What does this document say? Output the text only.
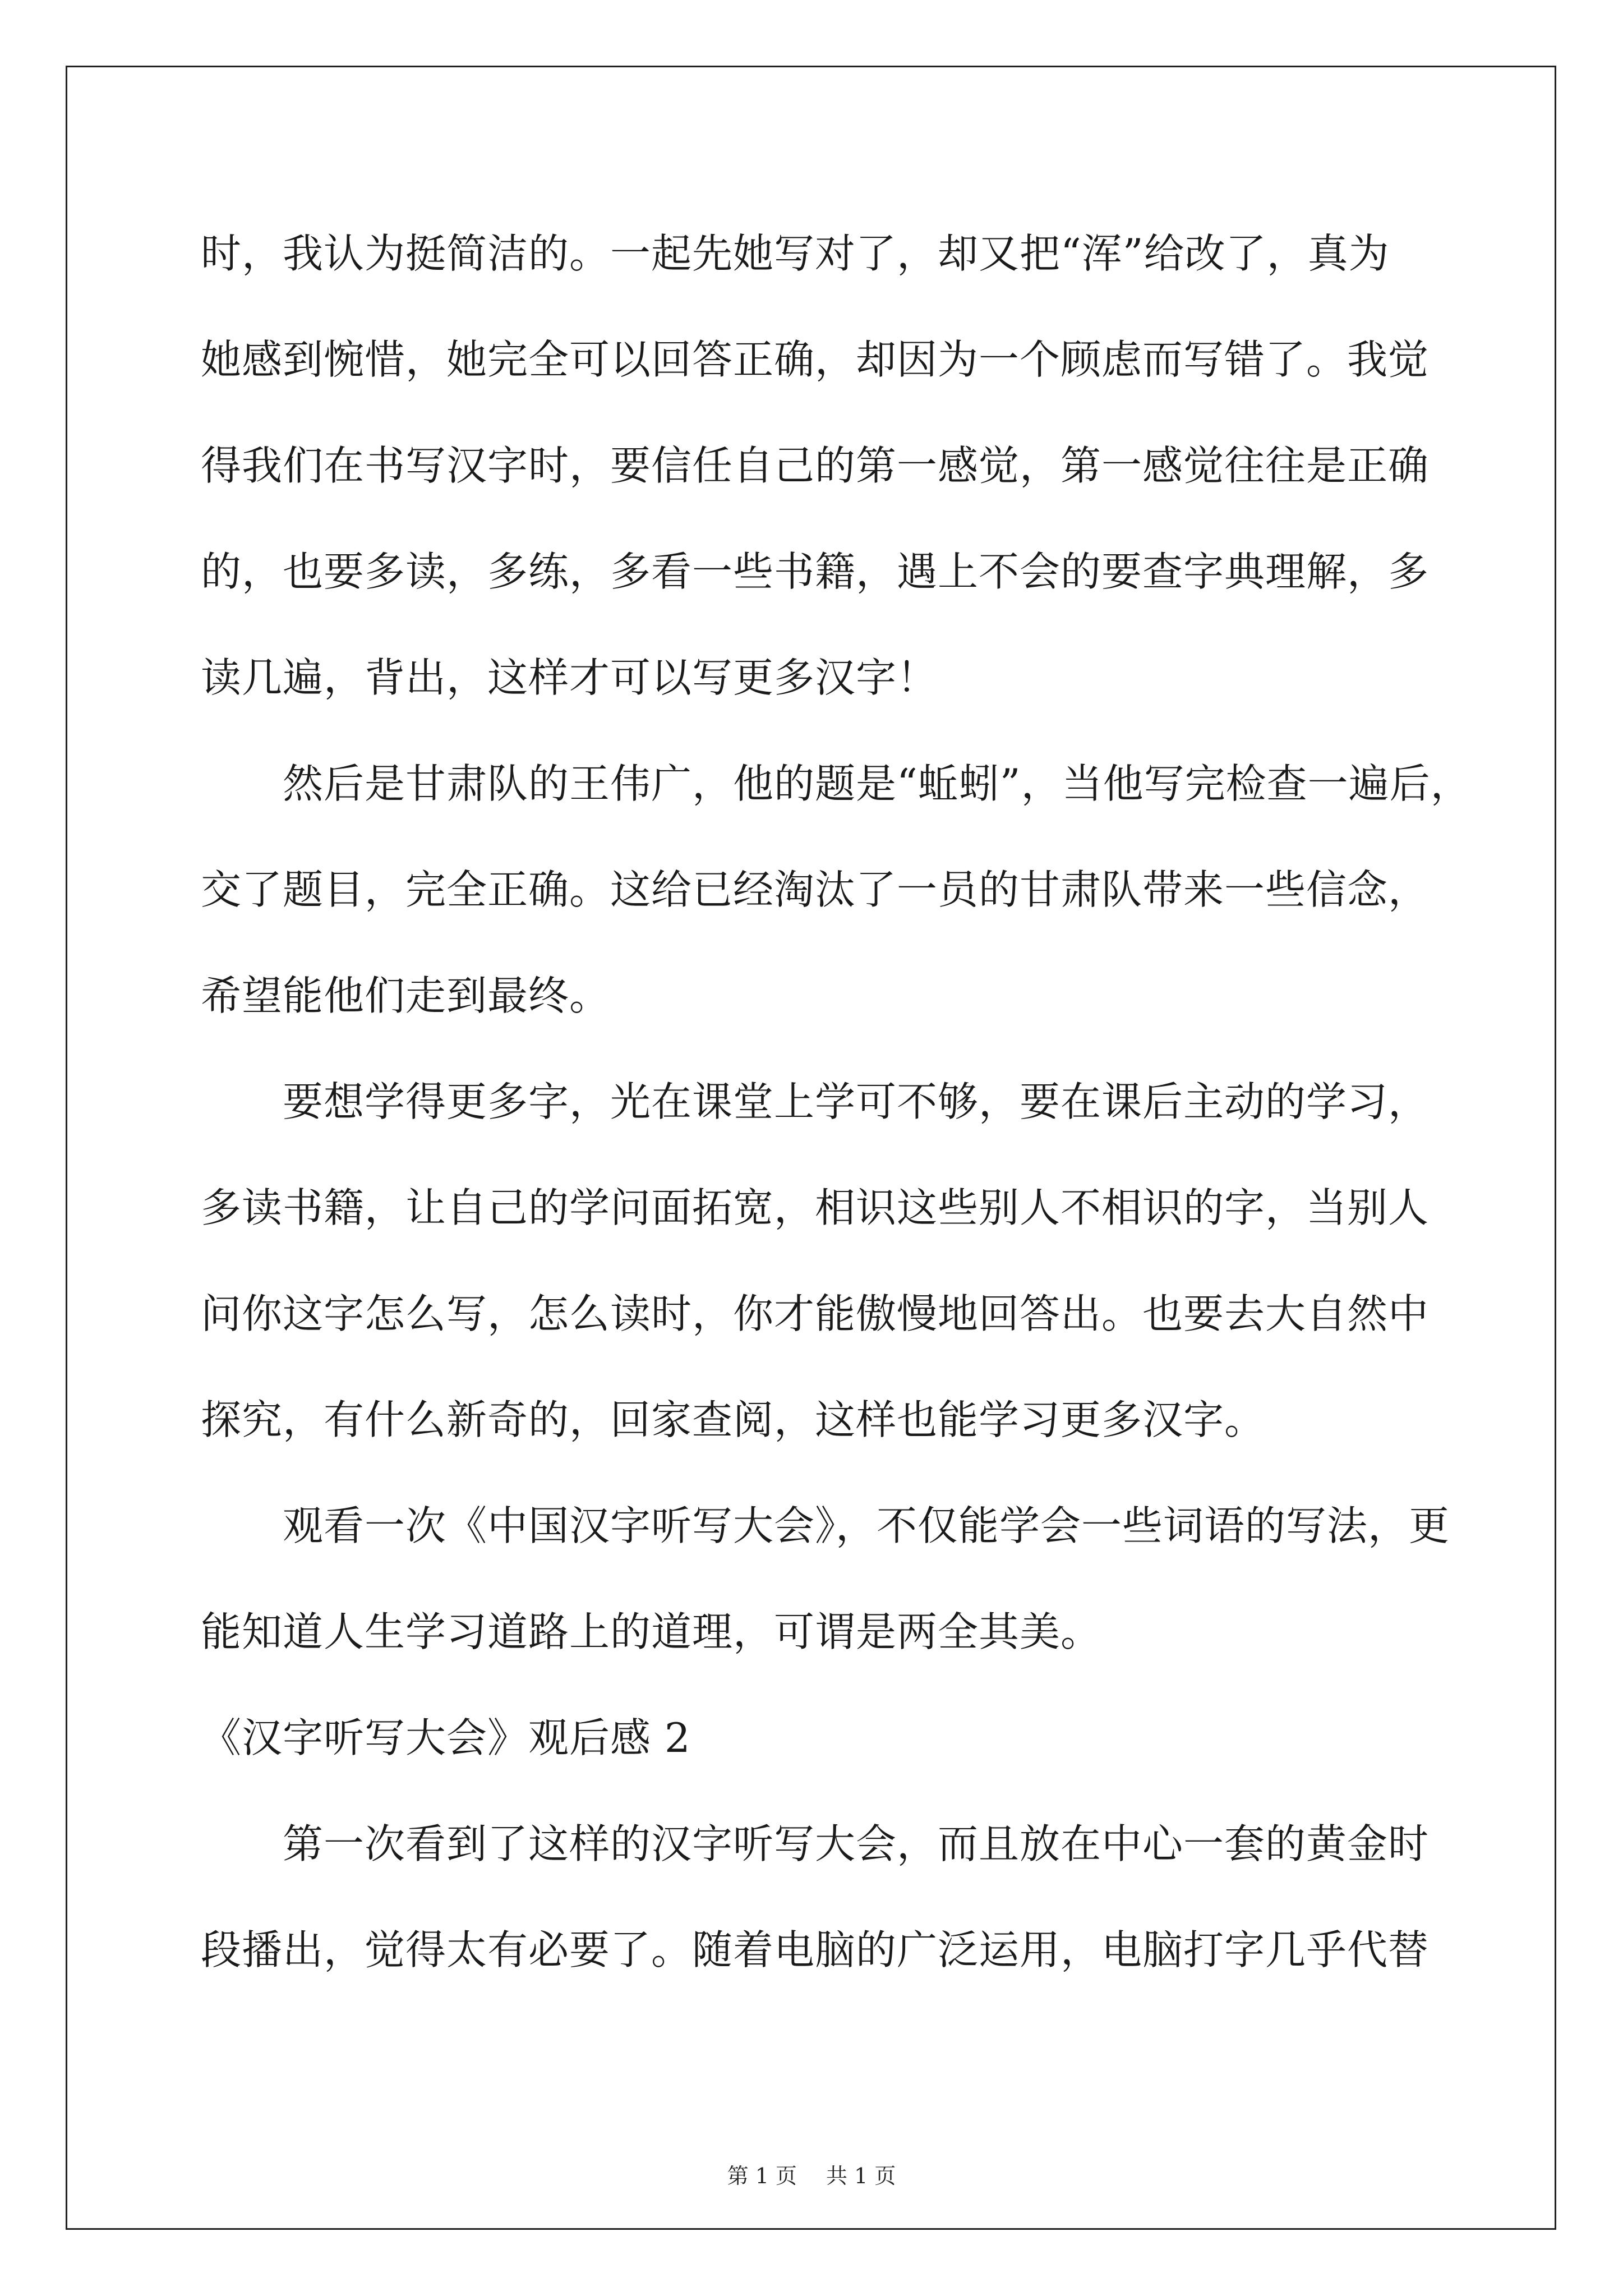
时，我认为挺简洁的。一起先她写对了，却又把“浑”给改了，真为
她感到惋惜，她完全可以回答正确，却因为一个顾虑而写错了。我觉
得我们在书写汉字时，要信任自己的第一感觉，第一感觉往往是正确
的，也要多读，多练，多看一些书籍，遇上不会的要查字典理解，多
读几遍，背出，这样才可以写更多汉字！
然后是甘肃队的王伟广，他的题是“蚯蚓”，当他写完检查一遍后，
交了题目，完全正确。这给已经淘汰了一员的甘肃队带来一些信念，
希望能他们走到最终。
要想学得更多字，光在课堂上学可不够，要在课后主动的学习，
多读书籍，让自己的学问面拓宽，相识这些别人不相识的字，当别人
问你这字怎么写，怎么读时，你才能傲慢地回答出。也要去大自然中
探究，有什么新奇的，回家查阅，这样也能学习更多汉字。
观看一次《中国汉字听写大会》，不仅能学会一些词语的写法，更
能知道人生学习道路上的道理，可谓是两全其美。
《汉字听写大会》观后感 2
第一次看到了这样的汉字听写大会，而且放在中心一套的黄金时
段播出，觉得太有必要了。随着电脑的广泛运用，电脑打字几乎代替
第 1 页 共 1 页
